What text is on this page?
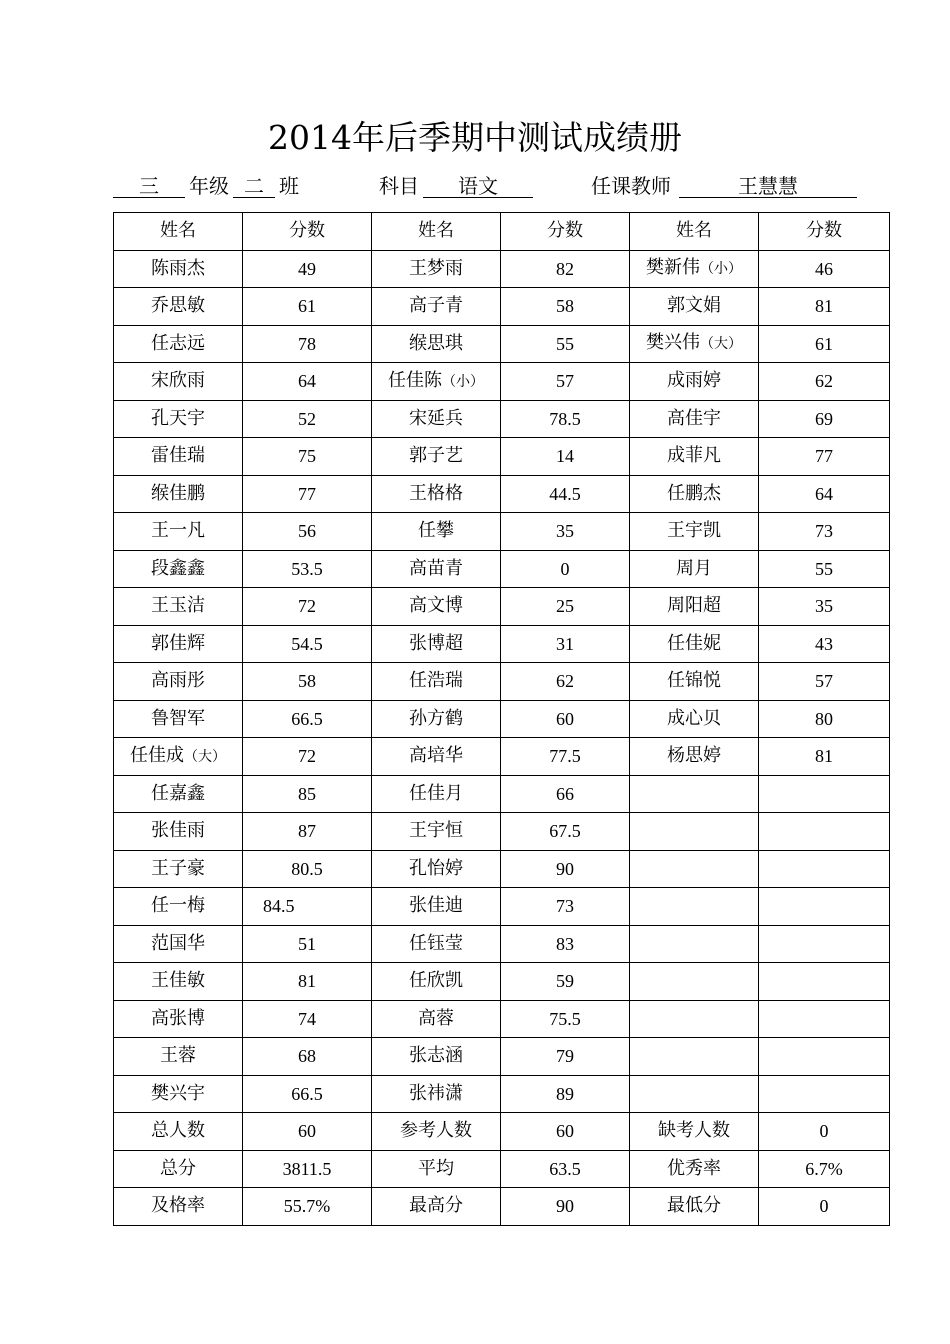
2014年后季期中测试成绩册
三	年级 二 班	科目	语文	任课教师	王慧慧
姓名	分数	姓名	分数	姓名	分数
陈雨杰	49	王梦雨	82	樊新伟（小）	46
乔思敏	61	高子青	58	郭文娟	81
任志远	78	缑思琪	55	樊兴伟（大）	61
宋欣雨	64	任佳陈（小）	57	成雨婷	62
孔天宇	52	宋延兵	78.5	高佳宇	69
雷佳瑞	75	郭子艺	14	成菲凡	77
缑佳鹏	77	王格格	44.5	任鹏杰	64
王一凡	56	任攀	35	王宇凯	73
段鑫鑫	53.5	高苗青	0	周月	55
王玉洁	72	高文博	25	周阳超	35
郭佳辉	54.5	张博超	31	任佳妮	43
高雨彤	58	任浩瑞	62	任锦悦	57
鲁智军	66.5	孙方鹤	60	成心贝	80
任佳成（大）	72	高培华	77.5	杨思婷	81
任嘉鑫	85	任佳月	66		
张佳雨	87	王宇恒	67.5		
王子豪	80.5	孔怡婷	90		
任一梅	84.5	张佳迪	73		
范国华	51	任钰莹	83		
王佳敏	81	任欣凯	59		
高张博	74	高蓉	75.5		
王蓉	68	张志涵	79		
樊兴宇	66.5	张祎潇	89		
总人数	60	参考人数	60	缺考人数	0
总分	3811.5	平均	63.5	优秀率	6.7%
及格率	55.7%	最高分	90	最低分	0
